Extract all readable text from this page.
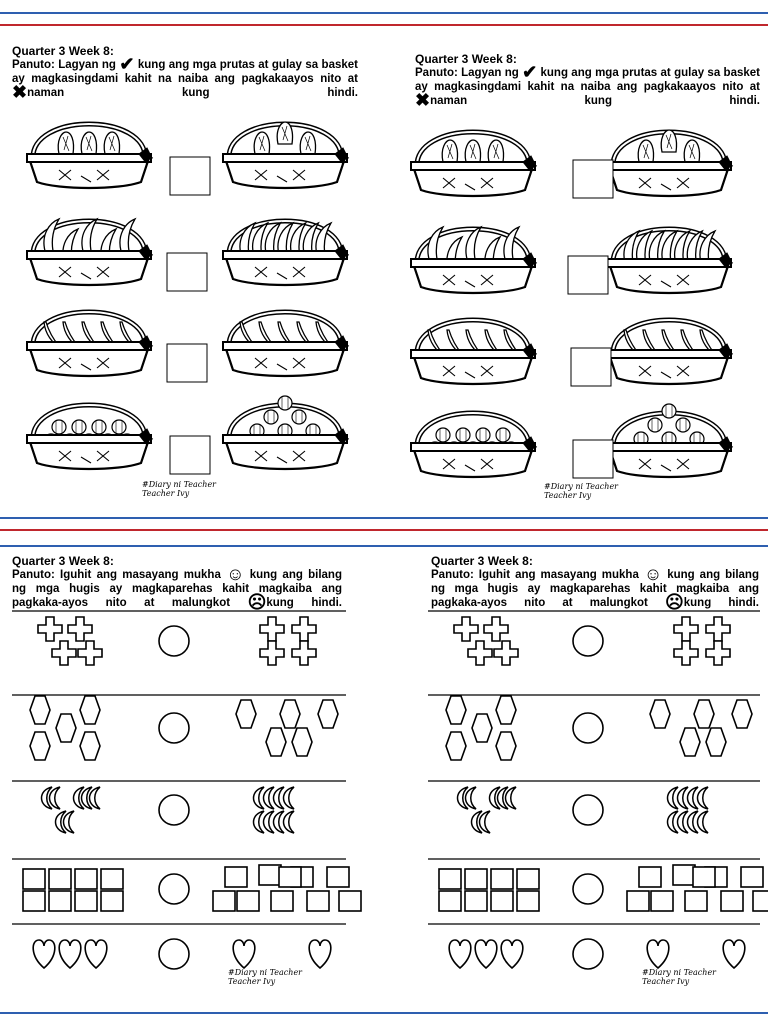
Quarter 3 Week 8:
Panuto: Lagyan ng ✔ kung ang mga prutas at gulay sa basket ay magkasingdami kahit na naiba ang pagkakaayos nito at ✖naman kung hindi.
#Diary ni Teacher
Teacher Ivy
Quarter 3 Week 8:
Panuto: Lagyan ng ✔ kung ang mga prutas at gulay sa basket ay magkasingdami kahit na naiba ang pagkakaayos nito at ✖naman kung hindi.
#Diary ni Teacher
Teacher Ivy
Quarter 3 Week 8:
Panuto: Iguhit ang masayang mukha ☺ kung ang bilang ng mga hugis ay magkaparehas kahit magkaiba ang pagkaka-ayos nito at malungkot ☹kung hindi.
#Diary ni Teacher
Teacher Ivy
Quarter 3 Week 8:
Panuto: Iguhit ang masayang mukha ☺ kung ang bilang ng mga hugis ay magkaparehas kahit magkaiba ang pagkaka-ayos nito at malungkot ☹kung hindi.
#Diary ni Teacher
Teacher Ivy
